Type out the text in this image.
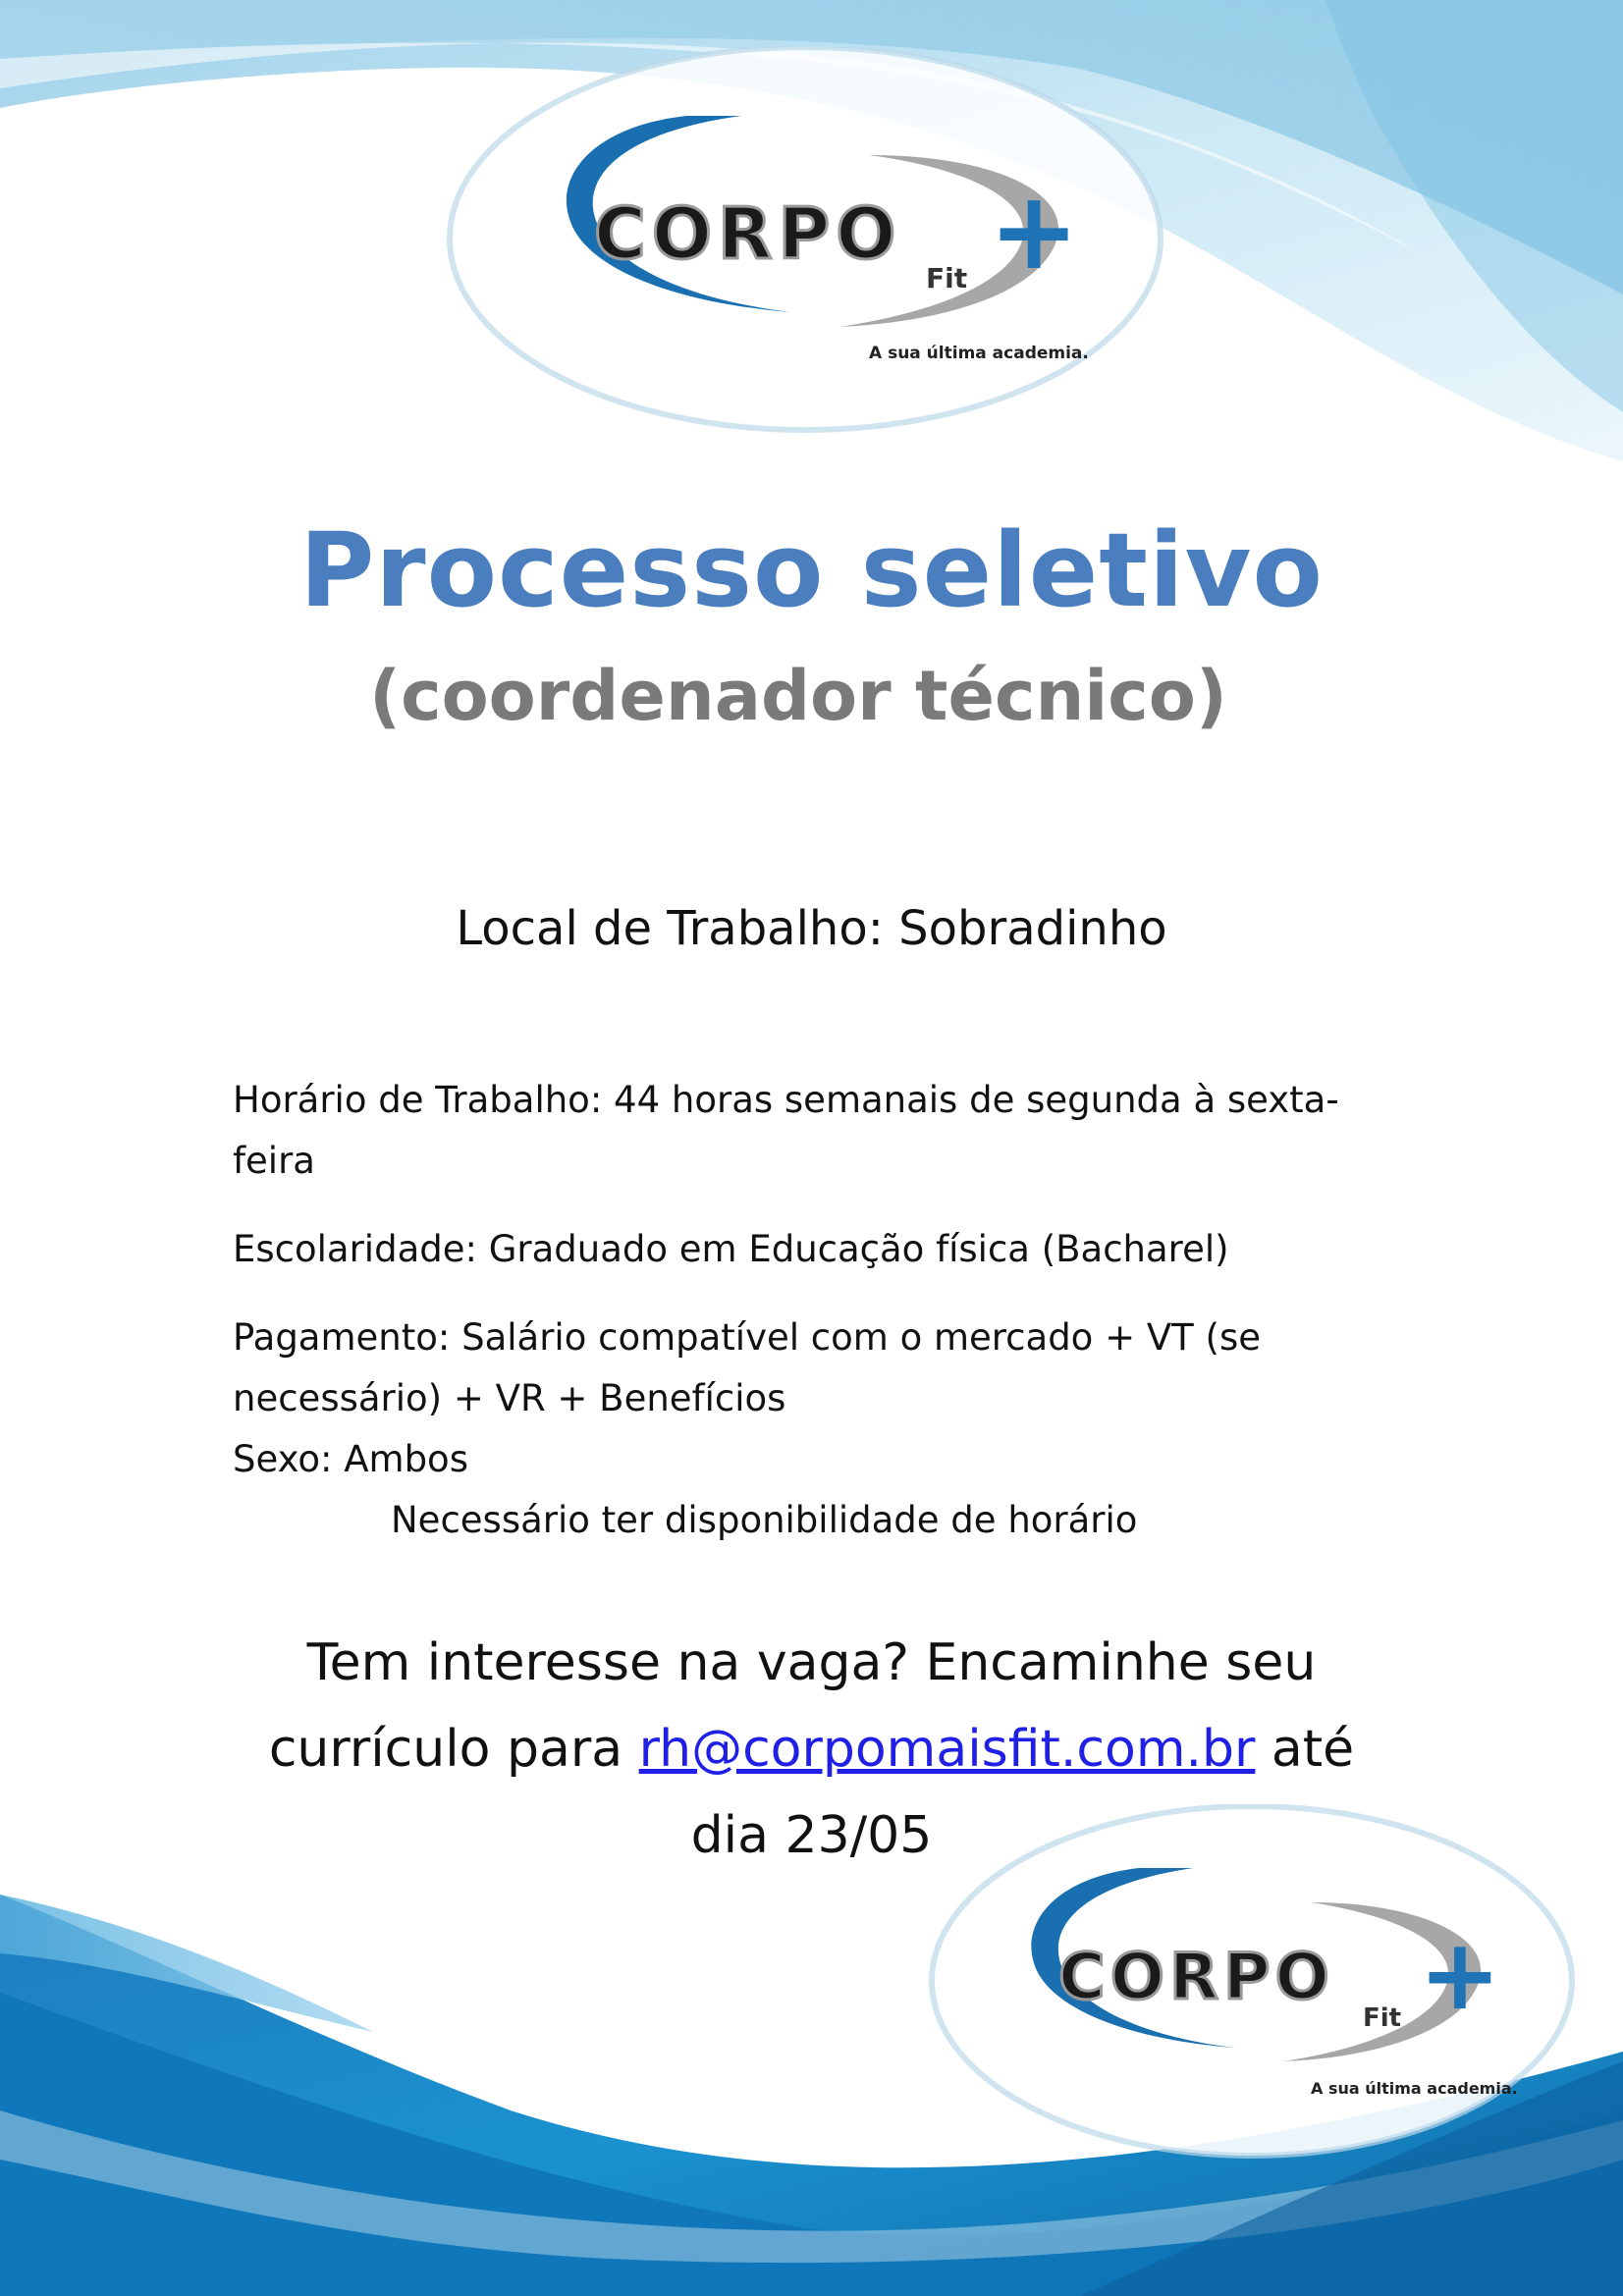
CORPO +
Fit
A sua última academia.
Processo seletivo
(coordenador técnico)
Local de Trabalho: Sobradinho

Horário de Trabalho: 44 horas semanais de segunda à sexta-feira

Escolaridade: Graduado em Educação física (Bacharel)

Pagamento: Salário compatível com o mercado + VT (se necessário) + VR + Benefícios

Sexo: Ambos

Necessário ter disponibilidade de horário

Tem interesse na vaga? Encaminhe seu currículo para rh@corpomaisfit.com.br até dia 23/05
CORPO +
Fit
A sua última academia.
